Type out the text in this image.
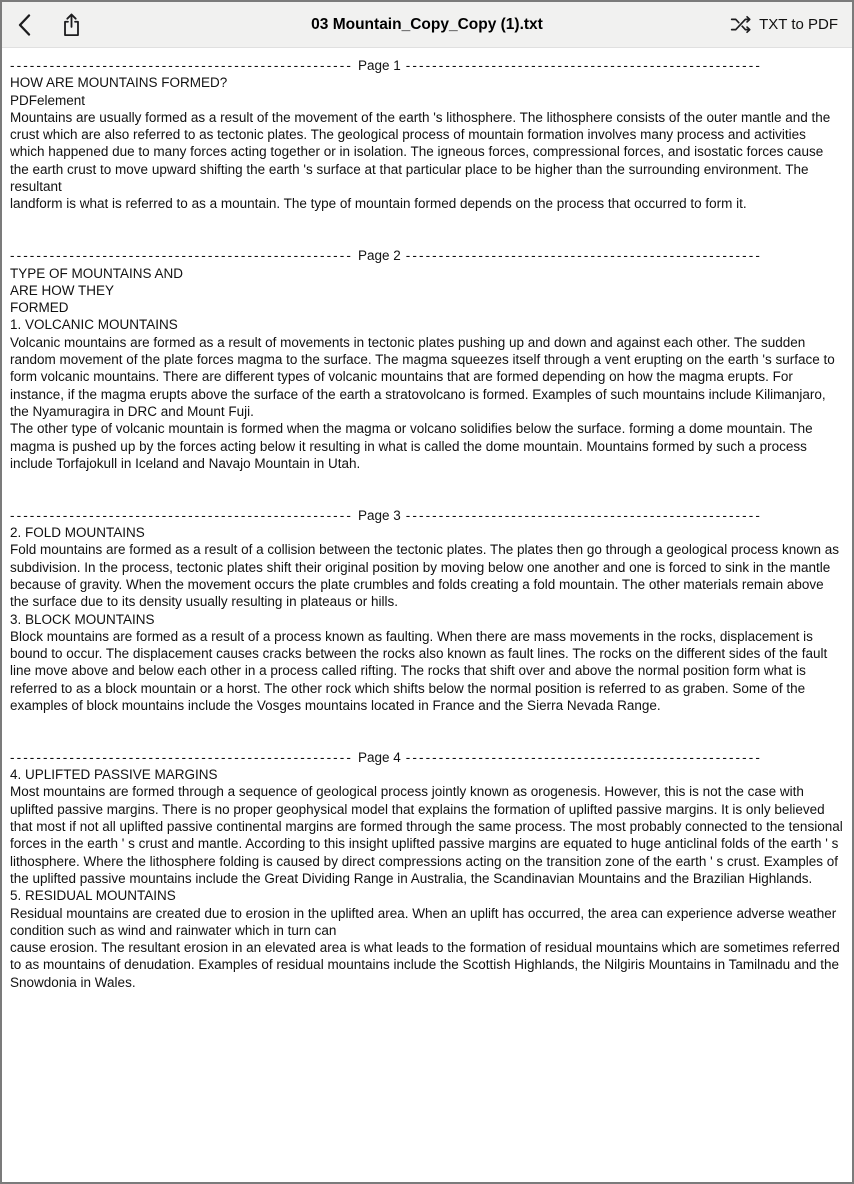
03 Mountain_Copy_Copy (1).txt	TXT to PDF
---------------------------------------------------- Page 1 ------------------------------------------------------
HOW ARE MOUNTAINS FORMED?
PDFelement
Mountains are usually formed as a result of the movement of the earth 's lithosphere. The lithosphere consists of the outer mantle and the crust which are also referred to as tectonic plates. The geological process of mountain formation involves many process and activities which happened due to many forces acting together or in isolation. The igneous forces, compressional forces, and isostatic forces cause the earth crust to move upward shifting the earth 's surface at that particular place to be higher than the surrounding environment. The resultant
landform is what is referred to as a mountain. The type of mountain formed depends on the process that occurred to form it.
---------------------------------------------------- Page 2 ------------------------------------------------------
TYPE OF MOUNTAINS AND
ARE HOW THEY
FORMED
1. VOLCANIC MOUNTAINS
Volcanic mountains are formed as a result of movements in tectonic plates pushing up and down and against each other. The sudden random movement of the plate forces magma to the surface. The magma squeezes itself through a vent erupting on the earth 's surface to form volcanic mountains. There are different types of volcanic mountains that are formed depending on how the magma erupts. For instance, if the magma erupts above the surface of the earth a stratovolcano is formed. Examples of such mountains include Kilimanjaro, the Nyamuragira in DRC and Mount Fuji.
The other type of volcanic mountain is formed when the magma or volcano solidifies below the surface. forming a dome mountain. The magma is pushed up by the forces acting below it resulting in what is called the dome mountain. Mountains formed by such a process include Torfajokull in Iceland and Navajo Mountain in Utah.
---------------------------------------------------- Page 3 ------------------------------------------------------
2. FOLD MOUNTAINS
Fold mountains are formed as a result of a collision between the tectonic plates. The plates then go through a geological process known as subdivision. In the process, tectonic plates shift their original position by moving below one another and one is forced to sink in the mantle because of gravity. When the movement occurs the plate crumbles and folds creating a fold mountain. The other materials remain above the surface due to its density usually resulting in plateaus or hills.
3. BLOCK MOUNTAINS
Block mountains are formed as a result of a process known as faulting. When there are mass movements in the rocks, displacement is bound to occur. The displacement causes cracks between the rocks also known as fault lines. The rocks on the different sides of the fault line move above and below each other in a process called rifting. The rocks that shift over and above the normal position form what is referred to as a block mountain or a horst. The other rock which shifts below the normal position is referred to as graben. Some of the examples of block mountains include the Vosges mountains located in France and the Sierra Nevada Range.
---------------------------------------------------- Page 4 ------------------------------------------------------
4. UPLIFTED PASSIVE MARGINS
Most mountains are formed through a sequence of geological process jointly known as orogenesis. However, this is not the case with uplifted passive margins. There is no proper geophysical model that explains the formation of uplifted passive margins. It is only believed that most if not all uplifted passive continental margins are formed through the same process. The most probably connected to the tensional forces in the earth ' s crust and mantle. According to this insight uplifted passive margins are equated to huge anticlinal folds of the earth ' s lithosphere. Where the lithosphere folding is caused by direct compressions acting on the transition zone of the earth ' s crust. Examples of the uplifted passive mountains include the Great Dividing Range in Australia, the Scandinavian Mountains and the Brazilian Highlands.
5. RESIDUAL MOUNTAINS
Residual mountains are created due to erosion in the uplifted area. When an uplift has occurred, the area can experience adverse weather condition such as wind and rainwater which in turn can
cause erosion. The resultant erosion in an elevated area is what leads to the formation of residual mountains which are sometimes referred to as mountains of denudation. Examples of residual mountains include the Scottish Highlands, the Nilgiris Mountains in Tamilnadu and the Snowdonia in Wales.
